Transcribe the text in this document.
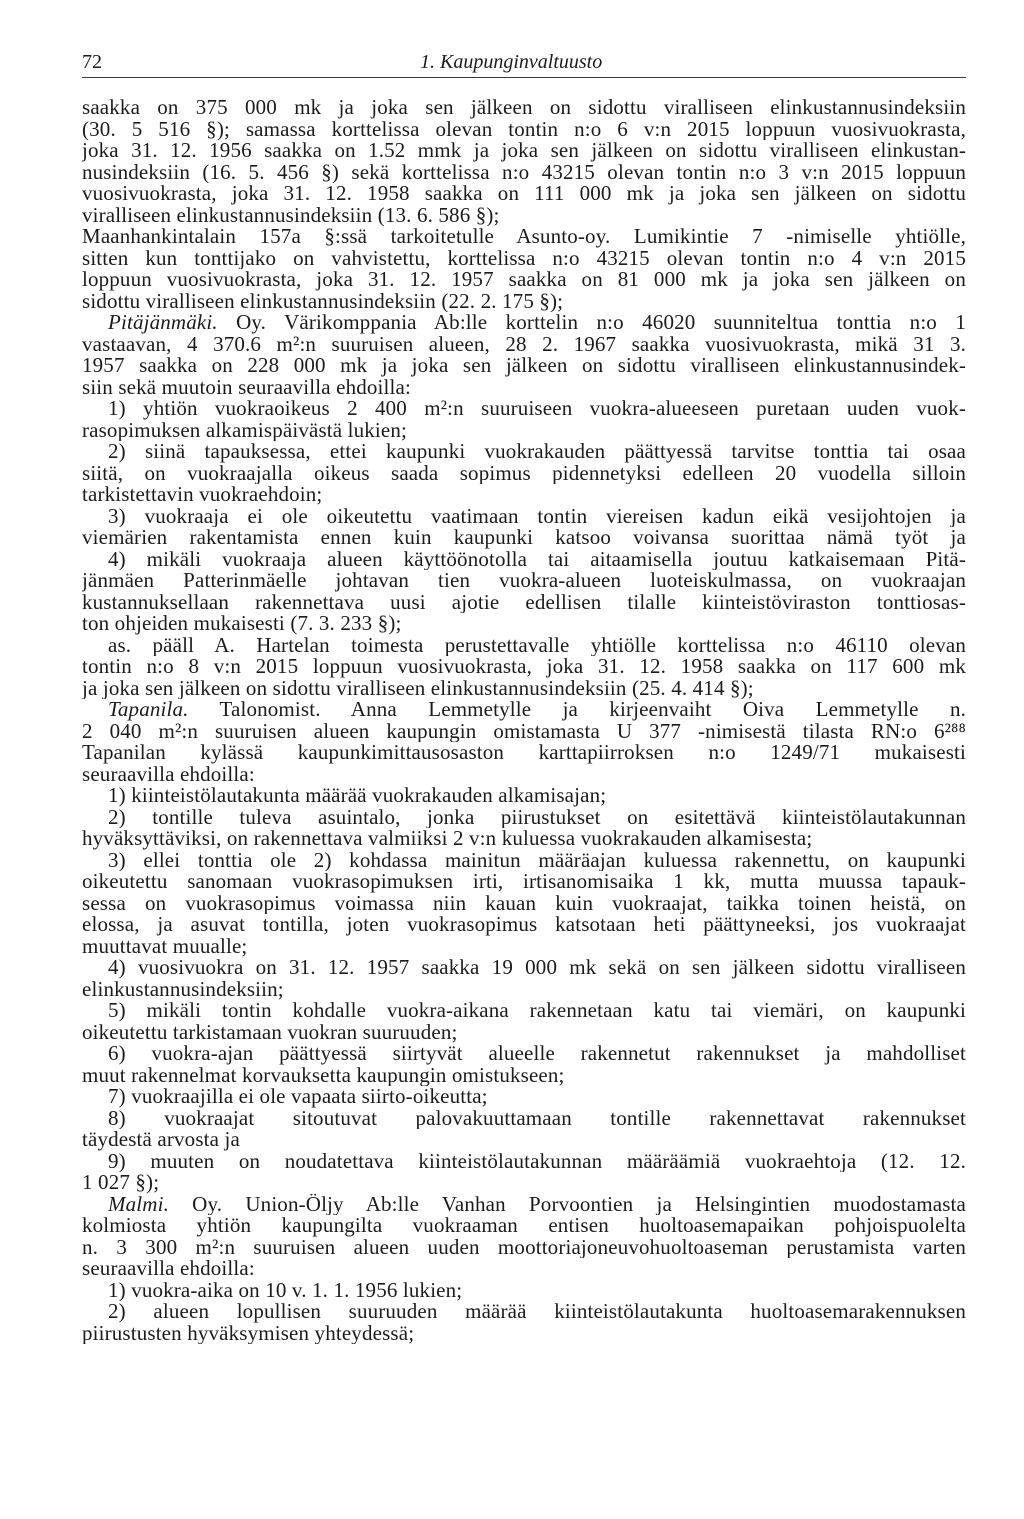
72	1. Kaupunginvaltuusto
saakka on 375 000 mk ja joka sen jälkeen on sidottu viralliseen elinkustannusindeksiin
(30. 5 516 §); samassa korttelissa olevan tontin n:o 6 v:n 2015 loppuun vuosivuokrasta,
joka 31. 12. 1956 saakka on 1.52 mmk ja joka sen jälkeen on sidottu viralliseen elinkustan-
nusindeksiin (16. 5. 456 §) sekä korttelissa n:o 43215 olevan tontin n:o 3 v:n 2015 loppuun
vuosivuokrasta, joka 31. 12. 1958 saakka on 111 000 mk ja joka sen jälkeen on sidottu
viralliseen elinkustannusindeksiin (13. 6. 586 §);
Maanhankintalain 157a §:ssä tarkoitetulle Asunto-oy. Lumikintie 7 -nimiselle yhtiölle,
sitten kun tonttijako on vahvistettu, korttelissa n:o 43215 olevan tontin n:o 4 v:n 2015
loppuun vuosivuokrasta, joka 31. 12. 1957 saakka on 81 000 mk ja joka sen jälkeen on
sidottu viralliseen elinkustannusindeksiin (22. 2. 175 §);
Pitäjänmäki. Oy. Värikomppania Ab:lle korttelin n:o 46020 suunniteltua tonttia n:o 1
vastaavan, 4 370.6 m²:n suuruisen alueen, 28 2. 1967 saakka vuosivuokrasta, mikä 31 3.
1957 saakka on 228 000 mk ja joka sen jälkeen on sidottu viralliseen elinkustannusindek-
siin sekä muutoin seuraavilla ehdoilla:
1) yhtiön vuokraoikeus 2 400 m²:n suuruiseen vuokra-alueeseen puretaan uuden vuok-
rasopimuksen alkamispäivästä lukien;
2) siinä tapauksessa, ettei kaupunki vuokrakauden päättyessä tarvitse tonttia tai osaa
siitä, on vuokraajalla oikeus saada sopimus pidennetyksi edelleen 20 vuodella silloin
tarkistettavin vuokraehdoin;
3) vuokraaja ei ole oikeutettu vaatimaan tontin viereisen kadun eikä vesijohtojen ja
viemärien rakentamista ennen kuin kaupunki katsoo voivansa suorittaa nämä työt ja
4) mikäli vuokraaja alueen käyttöönotolla tai aitaamisella joutuu katkaisemaan Pitä-
jänmäen Patterinmäelle johtavan tien vuokra-alueen luoteiskulmassa, on vuokraajan
kustannuksellaan rakennettava uusi ajotie edellisen tilalle kiinteistöviraston tonttiosas-
ton ohjeiden mukaisesti (7. 3. 233 §);
as. pääll A. Hartelan toimesta perustettavalle yhtiölle korttelissa n:o 46110 olevan
tontin n:o 8 v:n 2015 loppuun vuosivuokrasta, joka 31. 12. 1958 saakka on 117 600 mk
ja joka sen jälkeen on sidottu viralliseen elinkustannusindeksiin (25. 4. 414 §);
Tapanila. Talonomist. Anna Lemmetylle ja kirjeenvaiht Oiva Lemmetylle n.
2 040 m²:n suuruisen alueen kaupungin omistamasta U 377 -nimisestä tilasta RN:o 6²⁸⁸
Tapanilan kylässä kaupunkimittausosaston karttapiirroksen n:o 1249/71 mukaisesti
seuraavilla ehdoilla:
1) kiinteistölautakunta määrää vuokrakauden alkamisajan;
2) tontille tuleva asuintalo, jonka piirustukset on esitettävä kiinteistölautakunnan
hyväksyttäviksi, on rakennettava valmiiksi 2 v:n kuluessa vuokrakauden alkamisesta;
3) ellei tonttia ole 2) kohdassa mainitun määräajan kuluessa rakennettu, on kaupunki
oikeutettu sanomaan vuokrasopimuksen irti, irtisanomisaika 1 kk, mutta muussa tapauk-
sessa on vuokrasopimus voimassa niin kauan kuin vuokraajat, taikka toinen heistä, on
elossa, ja asuvat tontilla, joten vuokrasopimus katsotaan heti päättyneeksi, jos vuokraajat
muuttavat muualle;
4) vuosivuokra on 31. 12. 1957 saakka 19 000 mk sekä on sen jälkeen sidottu viralliseen
elinkustannusindeksiin;
5) mikäli tontin kohdalle vuokra-aikana rakennetaan katu tai viemäri, on kaupunki
oikeutettu tarkistamaan vuokran suuruuden;
6) vuokra-ajan päättyessä siirtyvät alueelle rakennetut rakennukset ja mahdolliset
muut rakennelmat korvauksetta kaupungin omistukseen;
7) vuokraajilla ei ole vapaata siirto-oikeutta;
8) vuokraajat sitoutuvat palovakuuttamaan tontille rakennettavat rakennukset
täydestä arvosta ja
9) muuten on noudatettava kiinteistölautakunnan määräämiä vuokraehtoja (12. 12.
1 027 §);
Malmi. Oy. Union-Öljy Ab:lle Vanhan Porvoontien ja Helsingintien muodostamasta
kolmiosta yhtiön kaupungilta vuokraaman entisen huoltoasemapaikan pohjoispuolelta
n. 3 300 m²:n suuruisen alueen uuden moottoriajoneuvohuoltoaseman perustamista varten
seuraavilla ehdoilla:
1) vuokra-aika on 10 v. 1. 1. 1956 lukien;
2) alueen lopullisen suuruuden määrää kiinteistölautakunta huoltoasemarakennuksen
piirustusten hyväksymisen yhteydessä;
